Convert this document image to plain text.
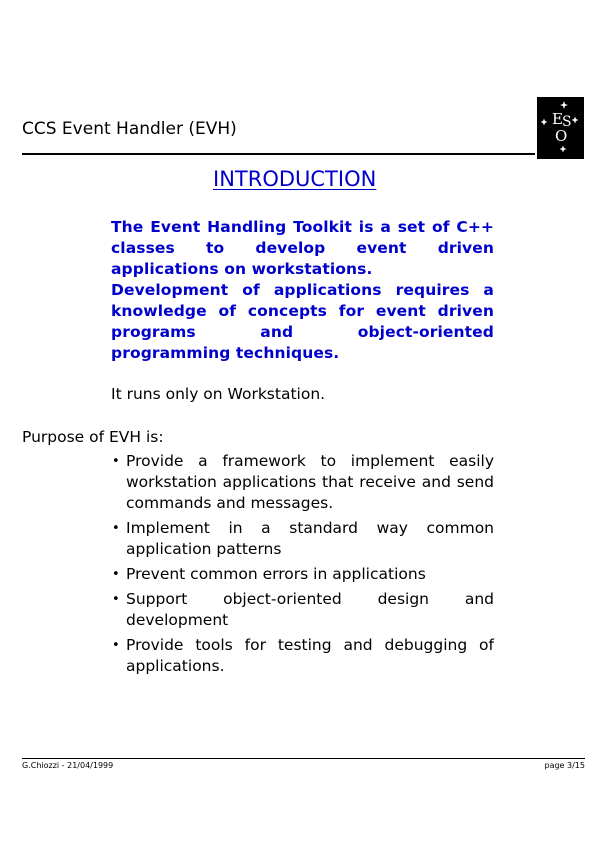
CCS Event Handler (EVH)	E S
O
INTRODUCTION

The Event Handling Toolkit is a set of C++ classes to develop event driven applications on workstations.

Development of applications requires a knowledge of concepts for event driven programs and object-oriented programming techniques.

It runs only on Workstation.
Purpose of EVH is:
• Provide a framework to implement easily workstation applications that receive and send commands and messages.
• Implement in a standard way common application patterns
• Prevent common errors in applications
• Support object-oriented design and development
• Provide tools for testing and debugging of applications.
G.Chiozzi - 21/04/1999	page 3/15
